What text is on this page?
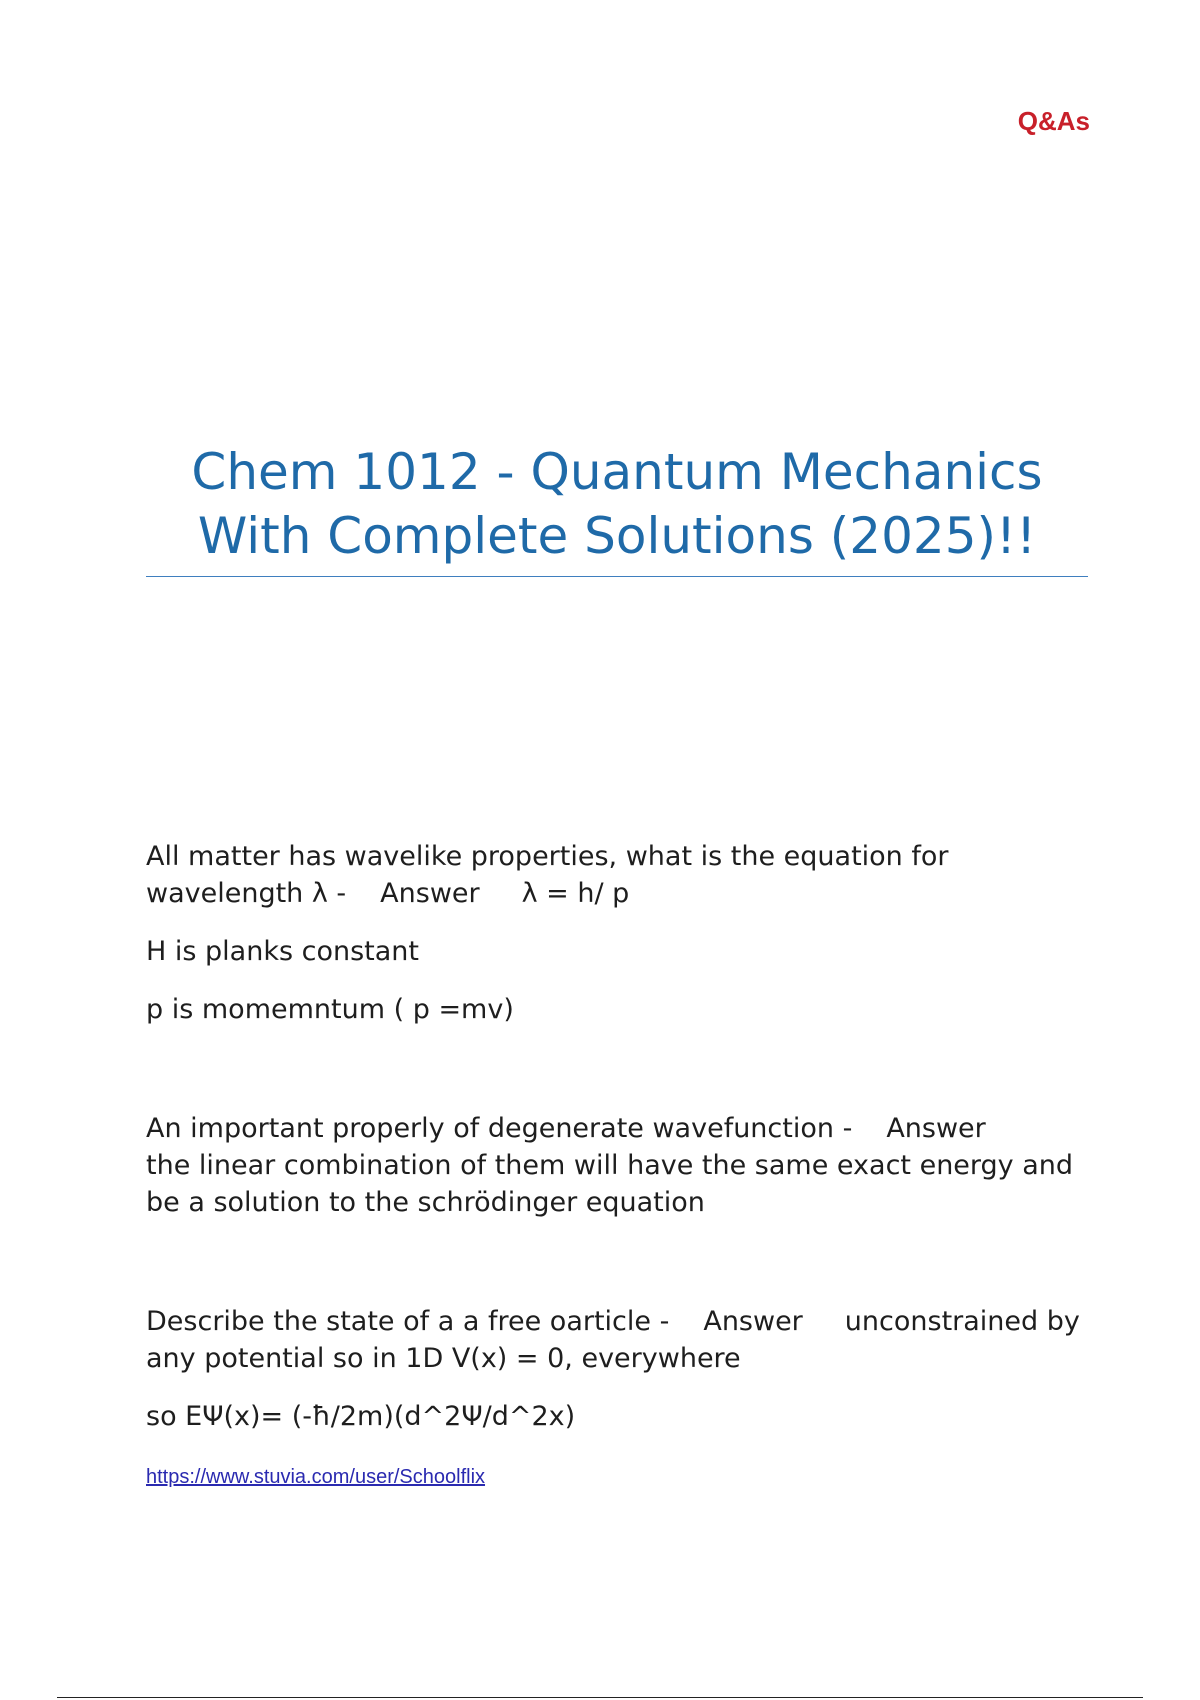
Q&As
Chem 1012 - Quantum Mechanics
With Complete Solutions (2025)!!

All matter has wavelike properties, what is the equation for wavelength λ - Answer λ = h/ p

H is planks constant

p is momemntum ( p =mv)

An important properly of degenerate wavefunction - Answer
the linear combination of them will have the same exact energy and be a solution to the schrödinger equation

Describe the state of a a free oarticle - Answer unconstrained by any potential so in 1D V(x) = 0, everywhere

so EΨ(x)= (-ħ/2m)(d^2Ψ/d^2x)

https://www.stuvia.com/user/Schoolflix
